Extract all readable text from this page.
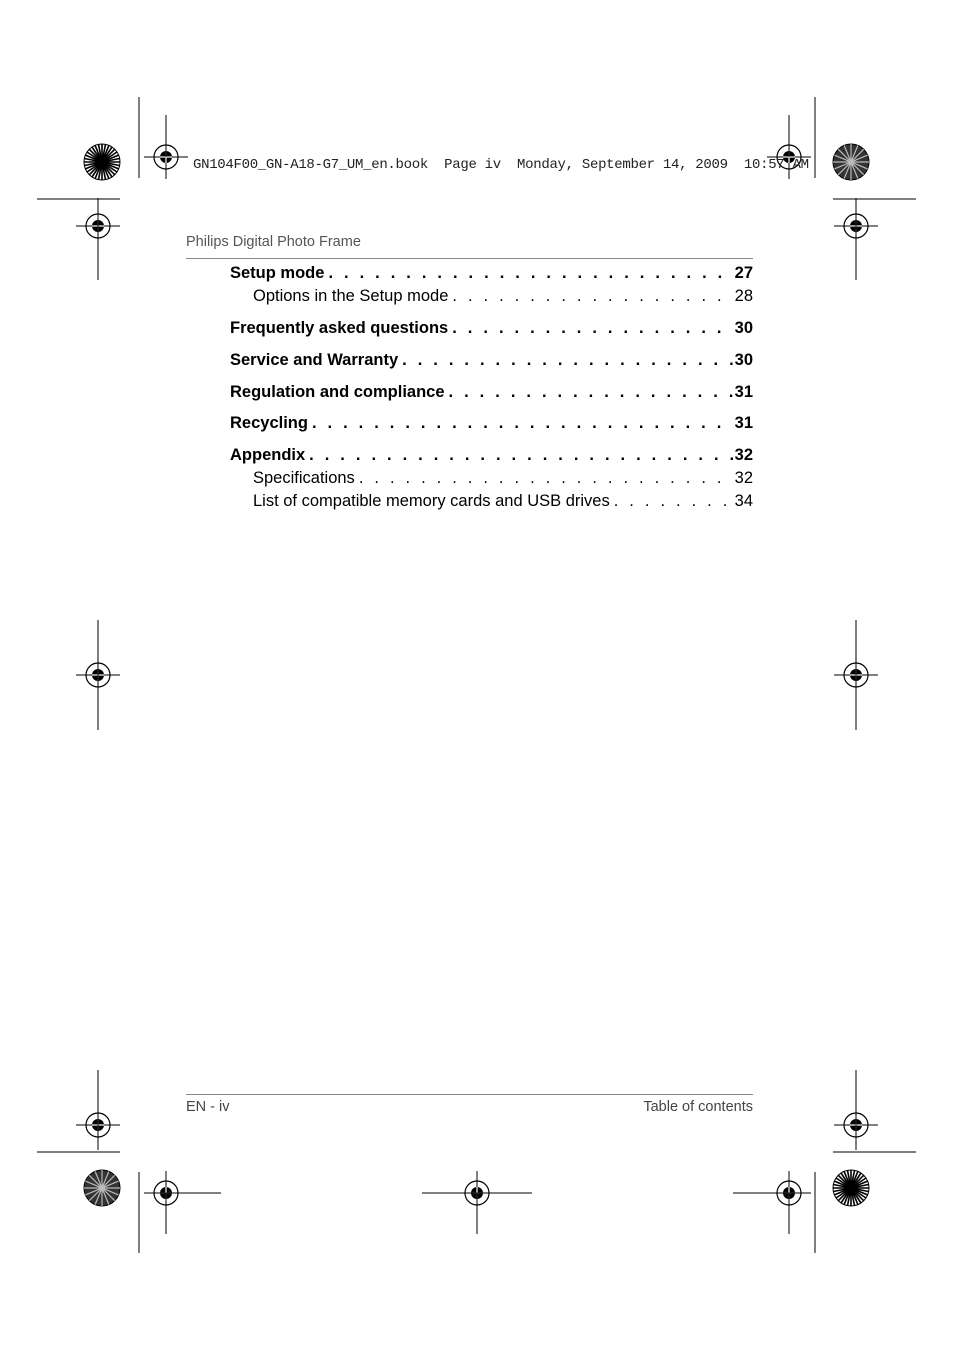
GN104F00_GN-A18-G7_UM_en.book  Page iv  Monday, September 14, 2009  10:57 AM
Philips Digital Photo Frame
Setup mode . . .	27
Options in the Setup mode . . .	28
Frequently asked questions . . .	30
Service and Warranty . . .	30
Regulation and compliance . . .	31
Recycling . . .	31
Appendix . . .	32
Specifications . . .	32
List of compatible memory cards and USB drives . . .	34
EN - iv	Table of contents
